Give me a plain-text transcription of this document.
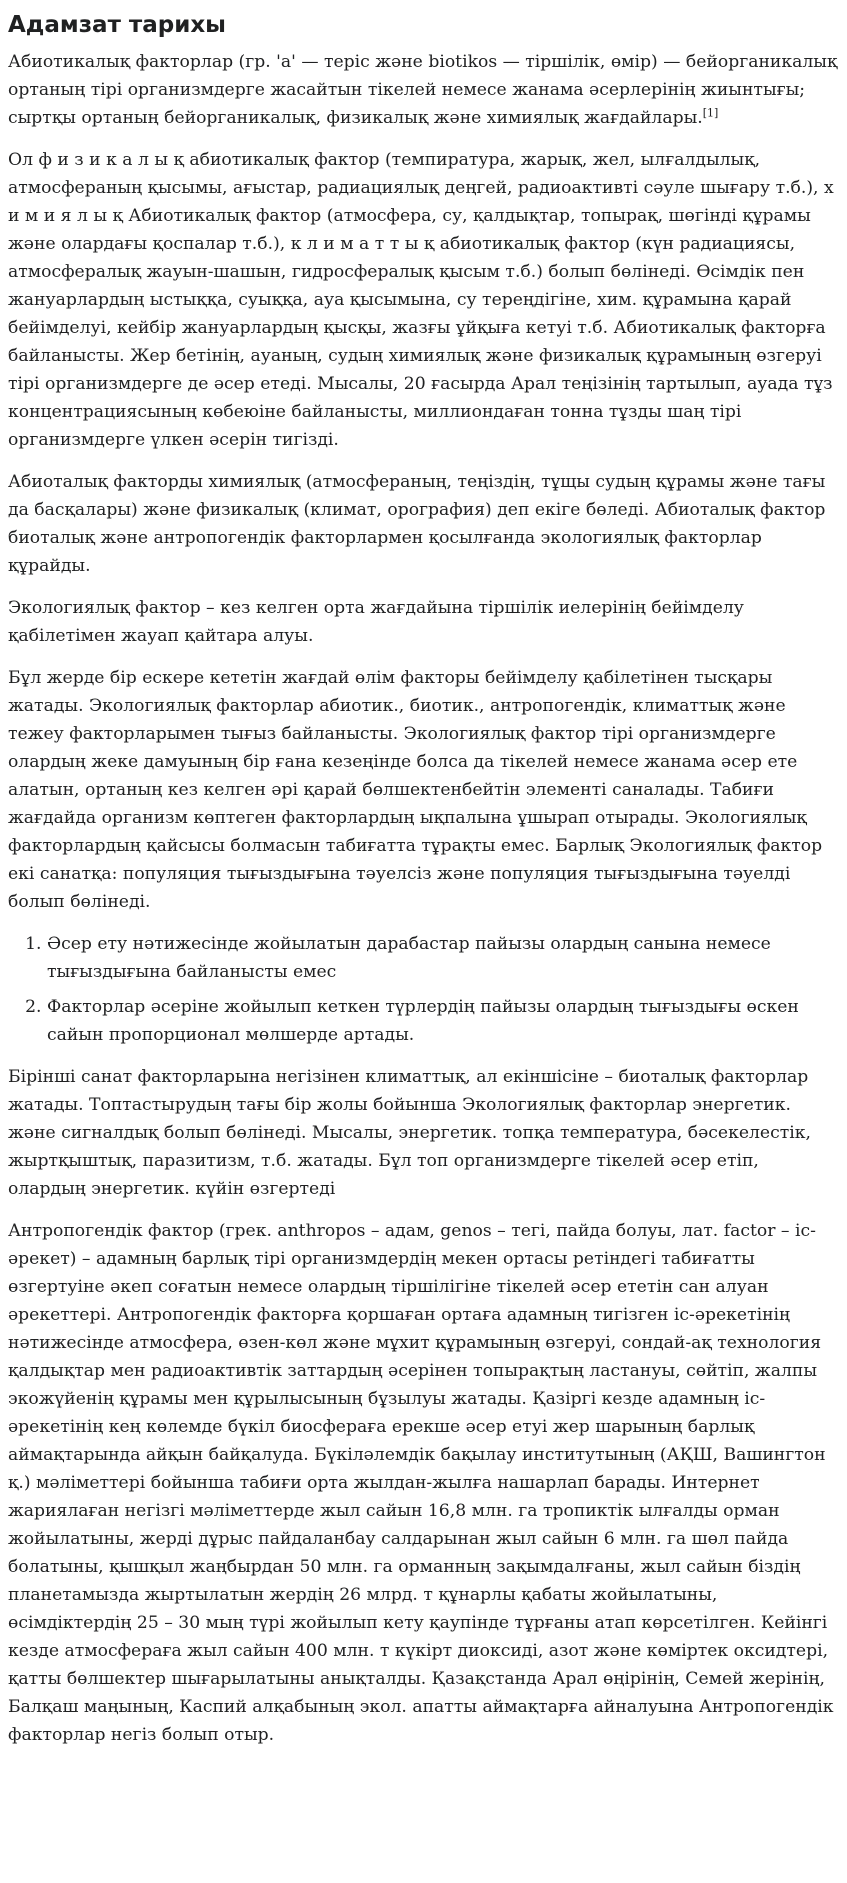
Адамзат тарихы

Абиотикалық факторлар (гр. 'а' — теріс және biotikos — тіршілік, өмір) — бейорганикалық ортаның тірі организмдерге жасайтын тікелей немесе жанама әсерлерінің жиынтығы; сыртқы ортаның бейорганикалық, физикалық және химиялық жағдайлары.[1]

Ол ф и з и к а л ы қ абиотикалық фактор (темпиратура, жарық, жел, ылғалдылық, атмосфераның қысымы, ағыстар, радиациялық деңгей, радиоактивті сәуле шығару т.б.), х и м и я л ы қ Абиотикалық фактор (атмосфера, су, қалдықтар, топырақ, шөгінді құрамы және олардағы қоспалар т.б.), к л и м а т т ы қ абиотикалық фактор (күн радиациясы, атмосфералық жауын-шашын, гидросфералық қысым т.б.) болып бөлінеді. Өсімдік пен жануарлардың ыстыққа, суыққа, ауа қысымына, су тереңдігіне, хим. құрамына қарай бейімделуі, кейбір жануарлардың қысқы, жазғы ұйқыға кетуі т.б. Абиотикалық факторға байланысты. Жер бетінің, ауаның, судың химиялық және физикалық құрамының өзгеруі тірі организмдерге де әсер етеді. Мысалы, 20 ғасырда Арал теңізінің тартылып, ауада тұз концентрациясының көбеюіне байланысты, миллиондаған тонна тұзды шаң тірі организмдерге үлкен әсерін тигізді.

Абиоталық факторды химиялық (атмосфераның, теңіздің, тұщы судың құрамы және тағы да басқалары) және физикалық (климат, орография) деп екіге бөледі. Абиоталық фактор биоталық және антропогендік факторлармен қосылғанда экологиялық факторлар құрайды.

Экологиялық фактор – кез келген орта жағдайына тіршілік иелерінің бейімделу қабілетімен жауап қайтара алуы.

Бұл жерде бір ескере кететін жағдай өлім факторы бейімделу қабілетінен тысқары жатады. Экологиялық факторлар абиотик., биотик., антропогендік, климаттық және тежеу факторларымен тығыз байланысты. Экологиялық фактор тірі организмдерге олардың жеке дамуының бір ғана кезеңінде болса да тікелей немесе жанама әсер ете алатын, ортаның кез келген әрі қарай бөлшектенбейтін элементі саналады. Табиғи жағдайда организм көптеген факторлардың ықпалына ұшырап отырады. Экологиялық факторлардың қайсысы болмасын табиғатта тұрақты емес. Барлық Экологиялық фактор екі санатқа: популяция тығыздығына тәуелсіз және популяция тығыздығына тәуелді болып бөлінеді.

1. Әсер ету нәтижесінде жойылатын дарабастар пайызы олардың санына немесе тығыздығына байланысты емес
2. Факторлар әсеріне жойылып кеткен түрлердің пайызы олардың тығыздығы өскен сайын пропорционал мөлшерде артады.

Бірінші санат факторларына негізінен климаттық, ал екіншісіне – биоталық факторлар жатады. Топтастырудың тағы бір жолы бойынша Экологиялық факторлар энергетик. және сигналдық болып бөлінеді. Мысалы, энергетик. топқа температура, бәсекелестік, жыртқыштық, паразитизм, т.б. жатады. Бұл топ организмдерге тікелей әсер етіп, олардың энергетик. күйін өзгертеді

Антропогендік фактор (грек. anthropos – адам, genos – тегі, пайда болуы, лат. factor – іс-әрекет) – адамның барлық тірі организмдердің мекен ортасы ретіндегі табиғатты өзгертуіне әкеп соғатын немесе олардың тіршілігіне тікелей әсер ететін сан алуан әрекеттері. Антропогендік факторға қоршаған ортаға адамның тигізген іс-әрекетінің нәтижесінде атмосфера, өзен-көл және мұхит құрамының өзгеруі, сондай-ақ технология қалдықтар мен радиоактивтік заттардың әсерінен топырақтың ластануы, сөйтіп, жалпы экожүйенің құрамы мен құрылысының бұзылуы жатады. Қазіргі кезде адамның іс-әрекетінің кең көлемде бүкіл биосфераға ерекше әсер етуі жер шарының барлық аймақтарында айқын байқалуда. Бүкіләлемдік бақылау институтының (АҚШ, Вашингтон қ.) мәліметтері бойынша табиғи орта жылдан-жылға нашарлап барады. Интернет жариялаған негізгі мәліметтерде жыл сайын 16,8 млн. га тропиктік ылғалды орман жойылатыны, жерді дұрыс пайдаланбау салдарынан жыл сайын 6 млн. га шөл пайда болатыны, қышқыл жаңбырдан 50 млн. га орманның зақымдалғаны, жыл сайын біздің планетамызда жыртылатын жердің 26 млрд. т құнарлы қабаты жойылатыны, өсімдіктердің 25 – 30 мың түрі жойылып кету қаупінде тұрғаны атап көрсетілген. Кейінгі кезде атмосфераға жыл сайын 400 млн. т күкірт диоксиді, азот және көміртек оксидтері, қатты бөлшектер шығарылатыны анықталды. Қазақстанда Арал өңірінің, Семей жерінің, Балқаш маңының, Каспий алқабының экол. апатты аймақтарға айналуына Антропогендік факторлар негіз болып отыр.
